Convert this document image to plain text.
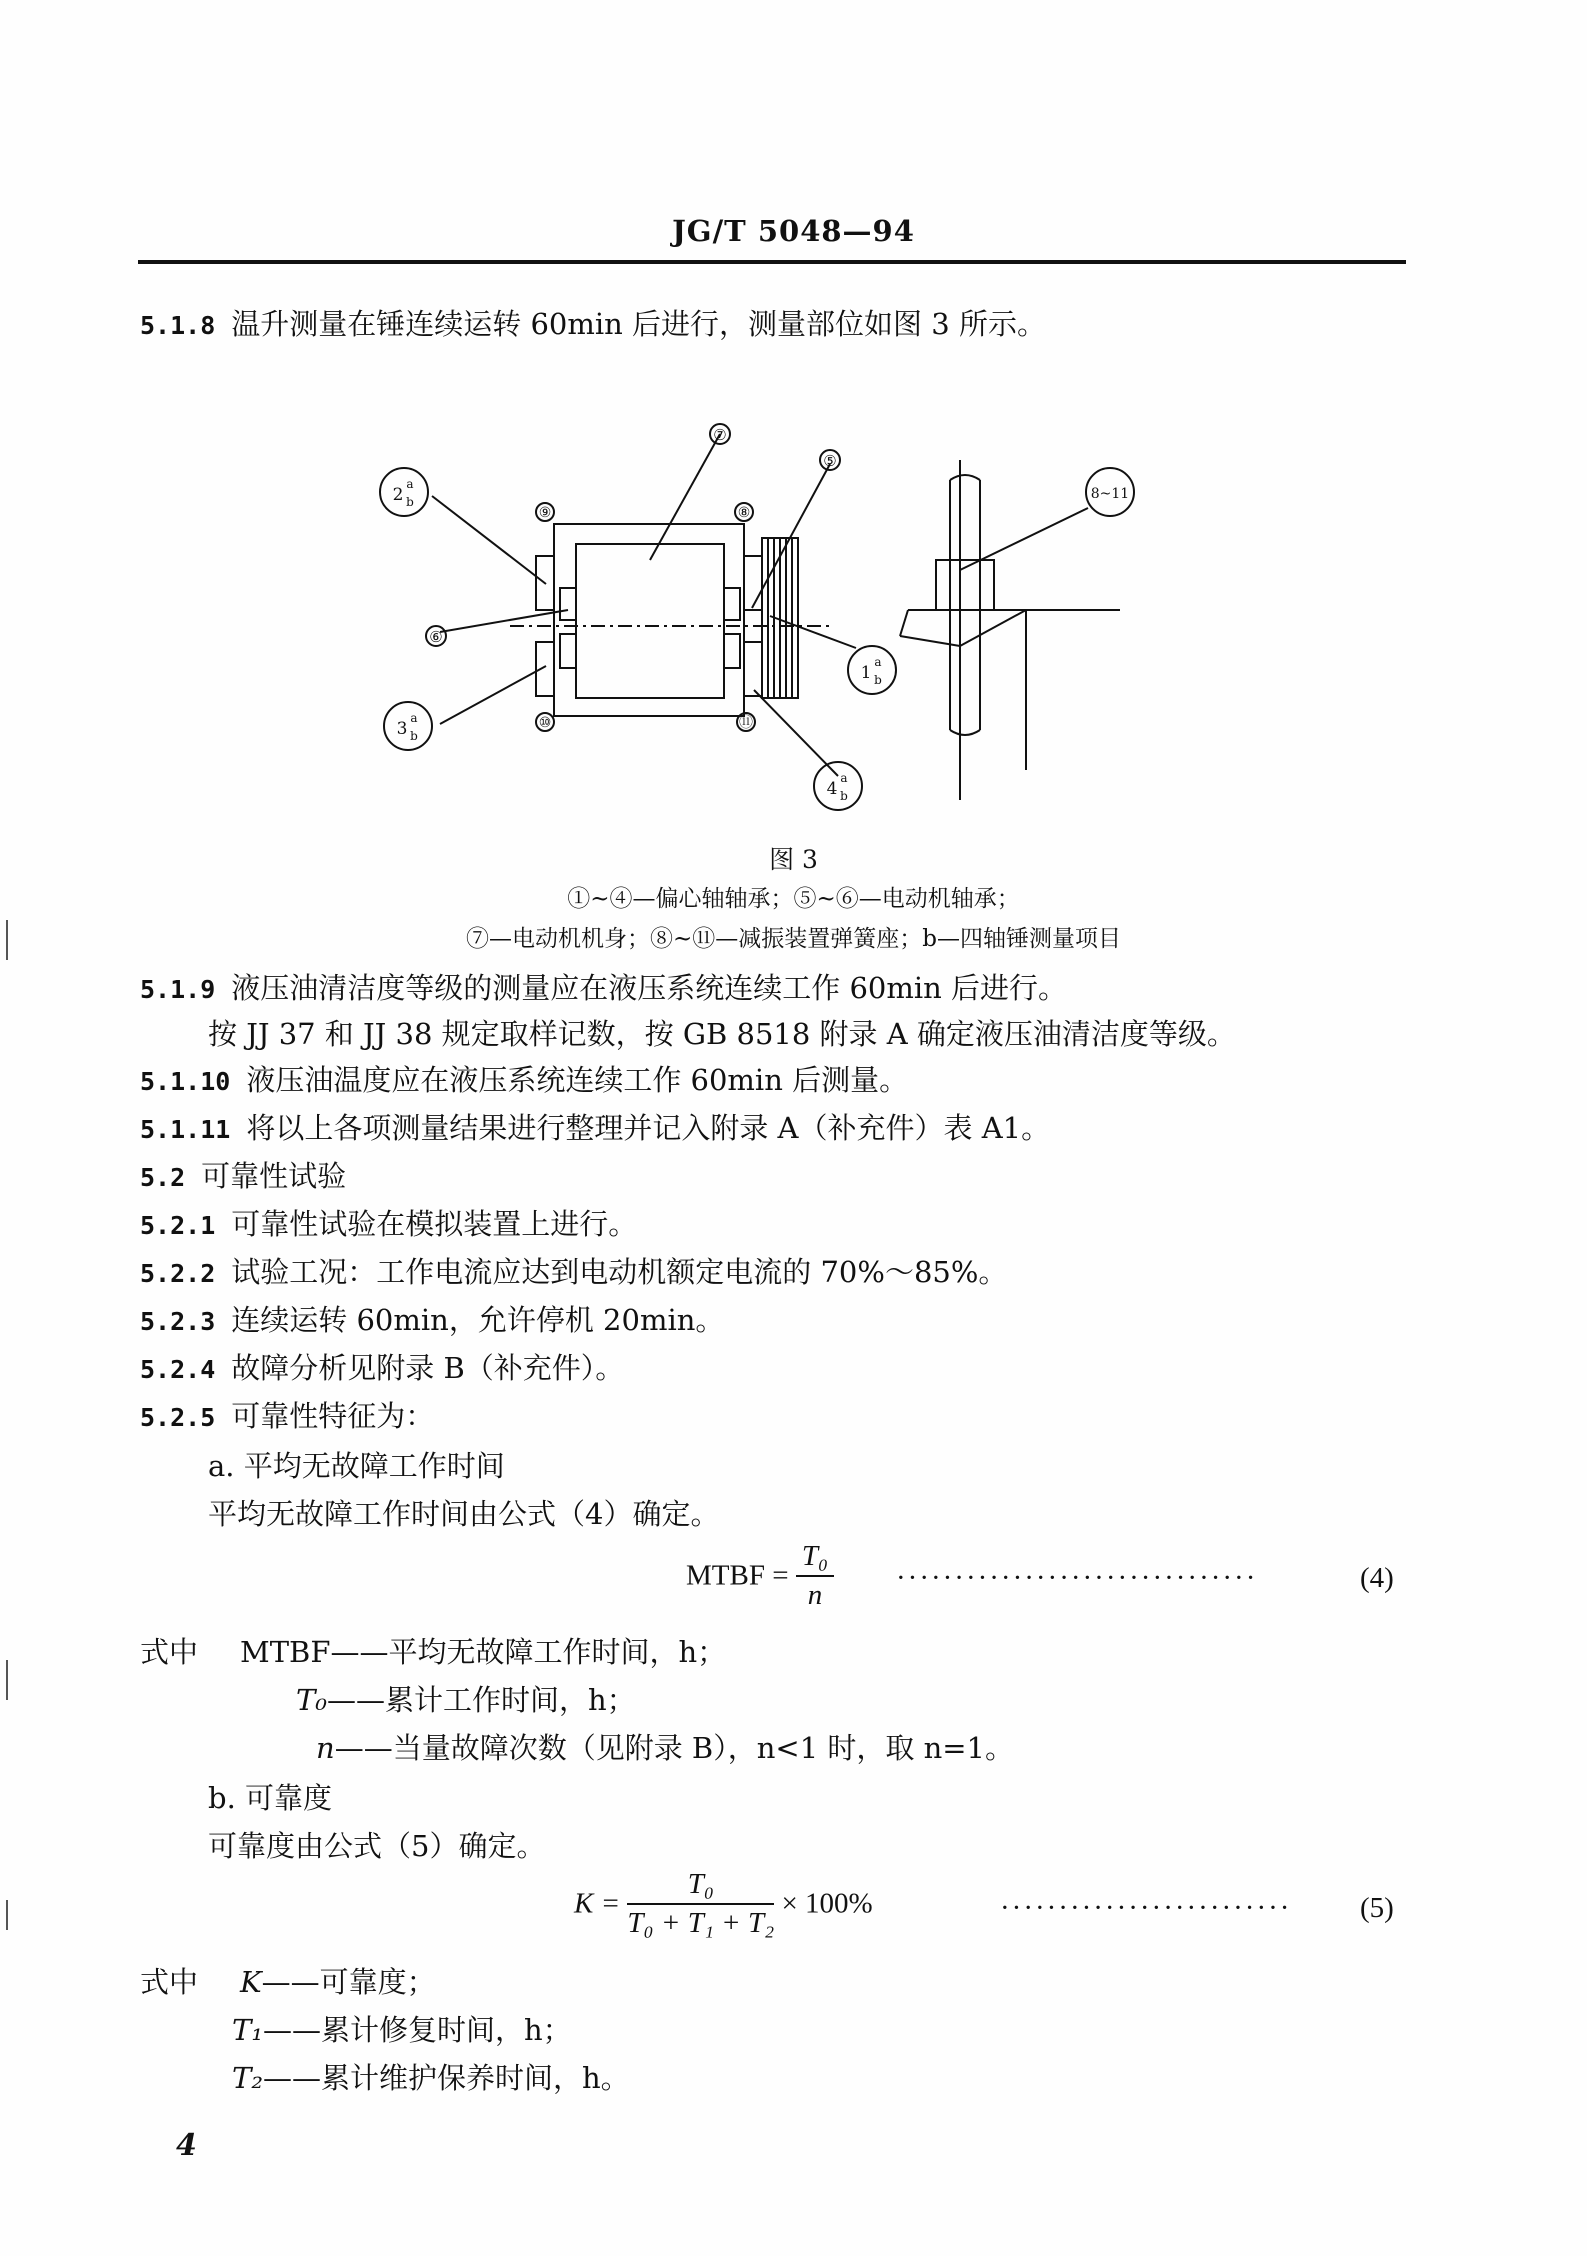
JG/T 5048—94
5.1.8 温升测量在锤连续运转 60min 后进行，测量部位如图 3 所示。
⑦
⑤
⑨	⑧
⑥
⑩	⑪
2
a
b
1
a
b
3
a
b
4
a
b
8~11
图 3
①~④—偏心轴轴承；⑤~⑥—电动机轴承；
⑦—电动机机身；⑧~⑪—减振装置弹簧座；b—四轴锤测量项目
5.1.9 液压油清洁度等级的测量应在液压系统连续工作 60min 后进行。
按 JJ 37 和 JJ 38 规定取样记数，按 GB 8518 附录 A 确定液压油清洁度等级。
5.1.10 液压油温度应在液压系统连续工作 60min 后测量。
5.1.11 将以上各项测量结果进行整理并记入附录 A（补充件）表 A1。
5.2 可靠性试验
5.2.1 可靠性试验在模拟装置上进行。
5.2.2 试验工况：工作电流应达到电动机额定电流的 70%～85%。
5.2.3 连续运转 60min，允许停机 20min。
5.2.4 故障分析见附录 B（补充件）。
5.2.5 可靠性特征为：
a. 平均无故障工作时间
平均无故障工作时间由公式（4）确定。
MTBF = $\frac{\text{T₀}}{n}$ ·······························	(4)
式中 MTBF——平均无故障工作时间，h；
T₀——累计工作时间，h；
n——当量故障次数（见附录 B），n<1 时，取 n=1。
b. 可靠度
可靠度由公式（5）确定。
$K = \frac{\text{T₀}}{\text{T₀ + T₁ + T₂}} \times 100\%$	························· (5)
式中 K——可靠度；
T₁——累计修复时间，h；
T₂——累计维护保养时间，h。
4
